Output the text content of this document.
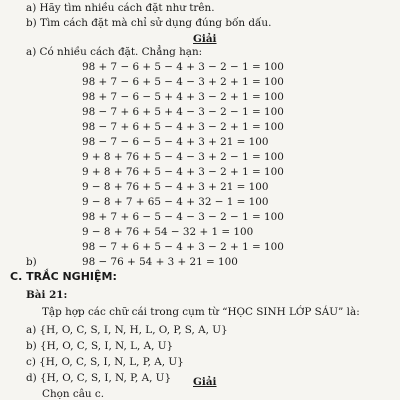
a) Hãy tìm nhiều cách đặt như trên.
b) Tìm cách đặt mà chỉ sử dụng đúng bốn dấu.
Giải
a) Có nhiều cách đặt. Chẳng hạn:
98 + 7 − 6 + 5 − 4 + 3 − 2 − 1 = 100
98 + 7 − 6 + 5 − 4 − 3 + 2 + 1 = 100
98 + 7 − 6 − 5 + 4 + 3 − 2 + 1 = 100
98 − 7 + 6 + 5 + 4 − 3 − 2 − 1 = 100
98 − 7 + 6 + 5 − 4 + 3 − 2 + 1 = 100
98 − 7 − 6 − 5 − 4 + 3 + 21 = 100
9 + 8 + 76 + 5 − 4 − 3 + 2 − 1 = 100
9 + 8 + 76 + 5 − 4 + 3 − 2 + 1 = 100
9 − 8 + 76 + 5 − 4 + 3 + 21 = 100
9 − 8 + 7 + 65 − 4 + 32 − 1 = 100
98 + 7 + 6 − 5 − 4 − 3 − 2 − 1 = 100
9 − 8 + 76 + 54 − 32 + 1 = 100
98 − 7 + 6 + 5 − 4 + 3 − 2 + 1 = 100
b)	98 − 76 + 54 + 3 + 21 = 100
C. TRẮC NGHIỆM:
Bài 21:
Tập hợp các chữ cái trong cụm từ “HỌC SINH LỚP SÁU” là:
a) {H, O, C, S, I, N, H, L, O, P, S, A, U}
b) {H, O, C, S, I, N, L, A, U}
c) {H, O, C, S, I, N, L, P, A, U}
d) {H, O, C, S, I, N, P, A, U} Giải
Chọn câu c.
